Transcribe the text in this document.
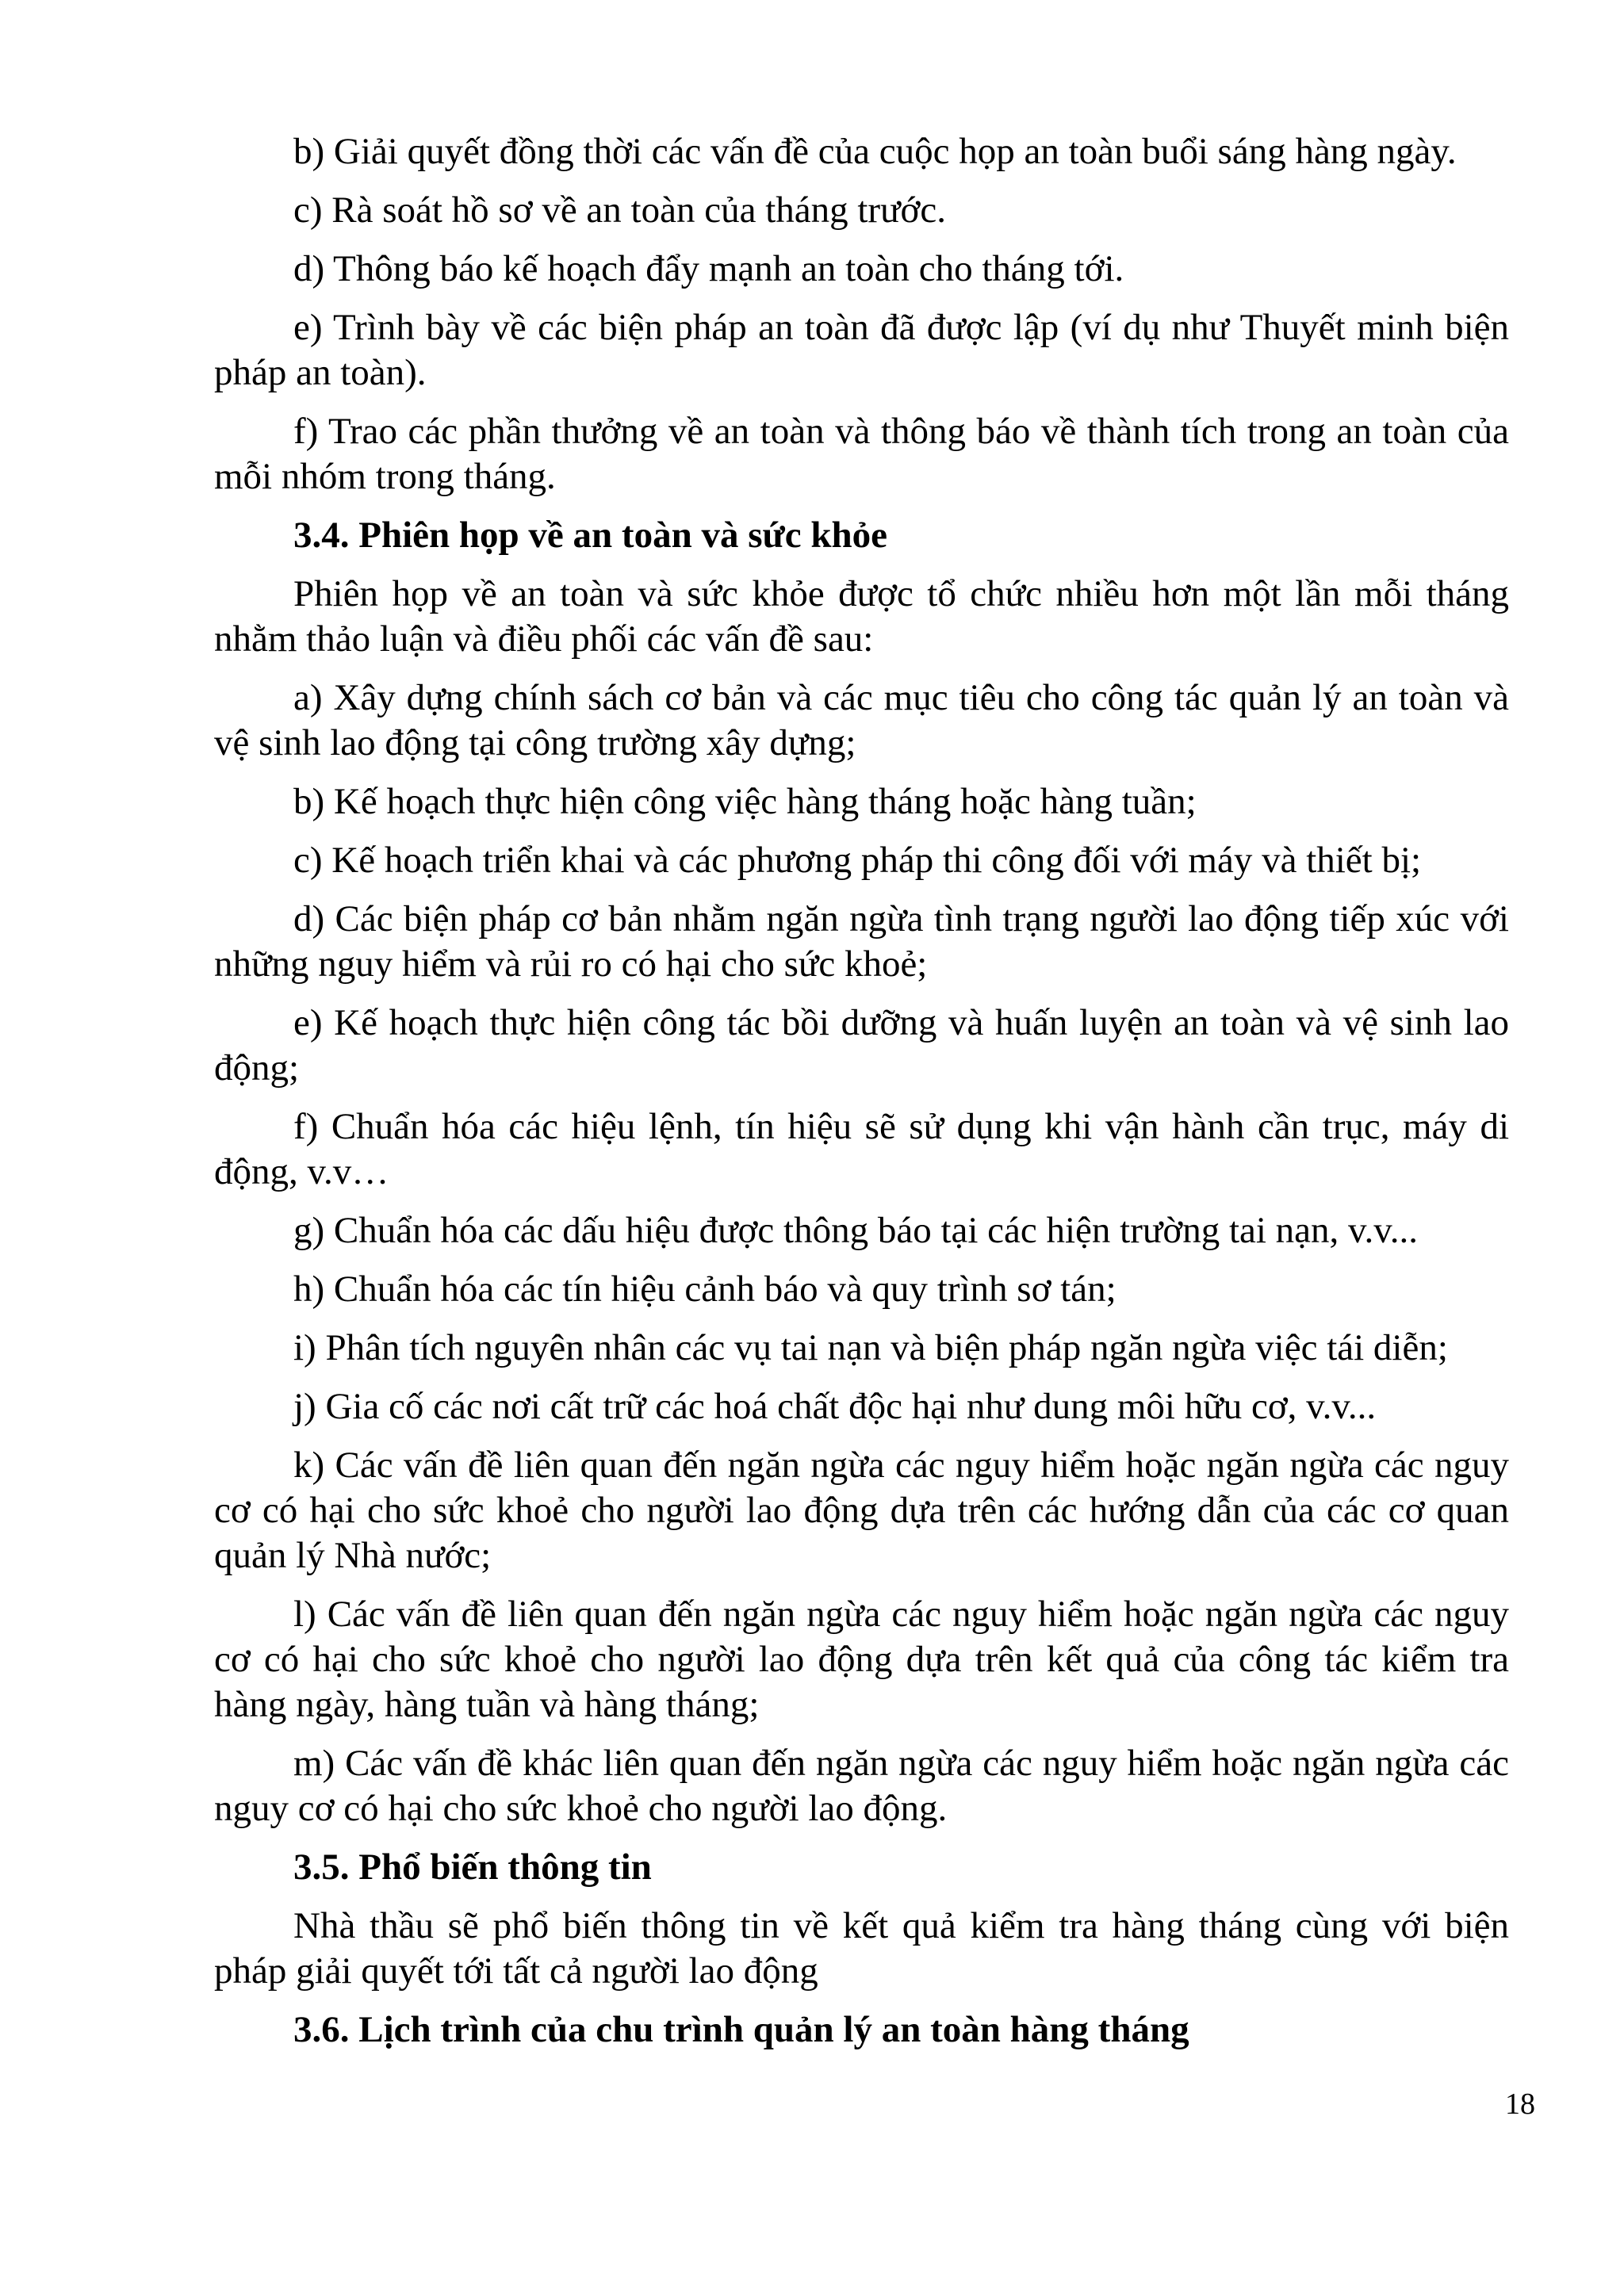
b) Giải quyết đồng thời các vấn đề của cuộc họp an toàn buổi sáng hàng ngày.

c) Rà soát hồ sơ về an toàn của tháng trước.

d) Thông báo kế hoạch đẩy mạnh an toàn cho tháng tới.

e) Trình bày về các biện pháp an toàn đã được lập (ví dụ như Thuyết minh biện pháp an toàn).

f) Trao các phần thưởng về an toàn và thông báo về thành tích trong an toàn của mỗi nhóm trong tháng.

3.4. Phiên họp về an toàn và sức khỏe

Phiên họp về an toàn và sức khỏe được tổ chức nhiều hơn một lần mỗi tháng nhằm thảo luận và điều phối các vấn đề sau:

a) Xây dựng chính sách cơ bản và các mục tiêu cho công tác quản lý an toàn và vệ sinh lao động tại công trường xây dựng;

b) Kế hoạch thực hiện công việc hàng tháng hoặc hàng tuần;

c) Kế hoạch triển khai và các phương pháp thi công đối với máy và thiết bị;

d) Các biện pháp cơ bản nhằm ngăn ngừa tình trạng người lao động tiếp xúc với những nguy hiểm và rủi ro có hại cho sức khoẻ;

e) Kế hoạch thực hiện công tác bồi dưỡng và huấn luyện an toàn và vệ sinh lao động;

f) Chuẩn hóa các hiệu lệnh, tín hiệu sẽ sử dụng khi vận hành cần trục, máy di động, v.v…

g) Chuẩn hóa các dấu hiệu được thông báo tại các hiện trường tai nạn, v.v...

h) Chuẩn hóa các tín hiệu cảnh báo và quy trình sơ tán;

i) Phân tích nguyên nhân các vụ tai nạn và biện pháp ngăn ngừa việc tái diễn;

j) Gia cố các nơi cất trữ các hoá chất độc hại như dung môi hữu cơ, v.v...

k) Các vấn đề liên quan đến ngăn ngừa các nguy hiểm hoặc ngăn ngừa các nguy cơ có hại cho sức khoẻ cho người lao động dựa trên các hướng dẫn của các cơ quan quản lý Nhà nước;

l) Các vấn đề liên quan đến ngăn ngừa các nguy hiểm hoặc ngăn ngừa các nguy cơ có hại cho sức khoẻ cho người lao động dựa trên kết quả của công tác kiểm tra hàng ngày, hàng tuần và hàng tháng;

m) Các vấn đề khác liên quan đến ngăn ngừa các nguy hiểm hoặc ngăn ngừa các nguy cơ có hại cho sức khoẻ cho người lao động.

3.5. Phổ biến thông tin

Nhà thầu sẽ phổ biến thông tin về kết quả kiểm tra hàng tháng cùng với biện pháp giải quyết tới tất cả người lao động

3.6. Lịch trình của chu trình quản lý an toàn hàng tháng

18
